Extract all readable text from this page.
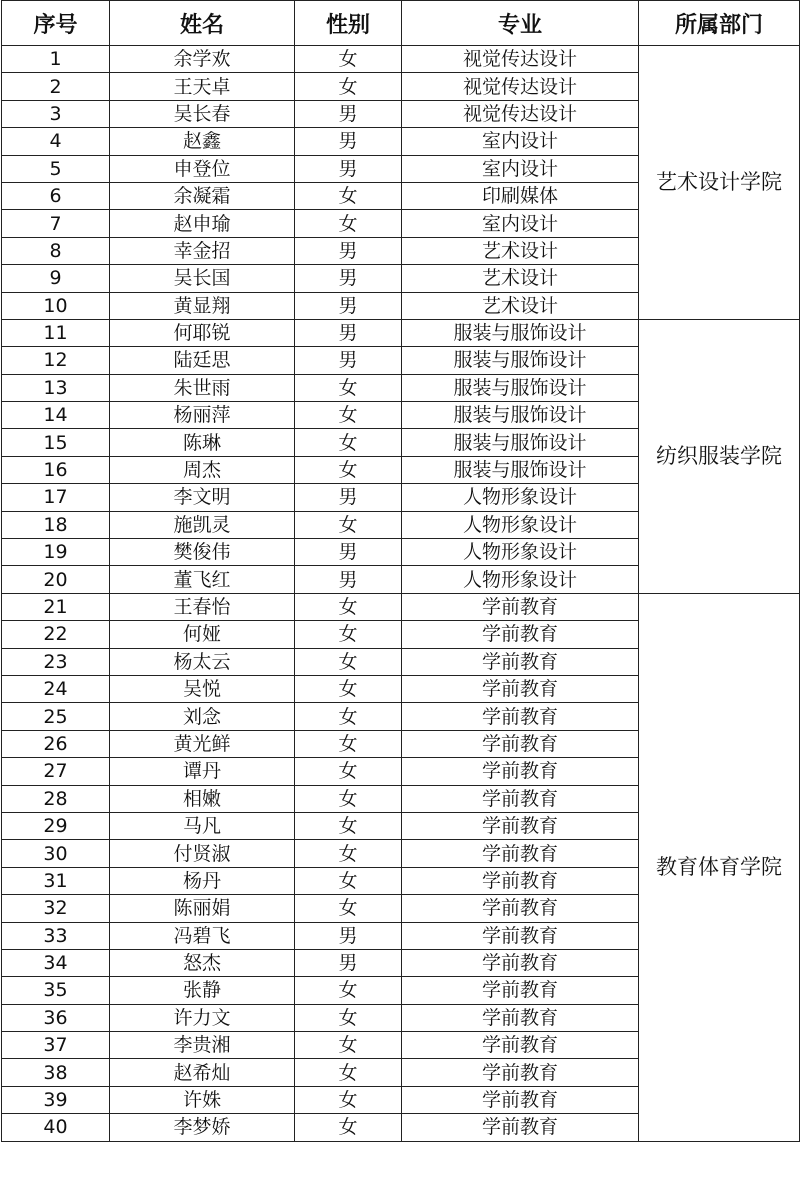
序号	姓名	性别	专业	所属部门
1	余学欢	女	视觉传达设计	艺术设计学院
2	王天卓	女	视觉传达设计	
3	吴长春	男	视觉传达设计	
4	赵鑫	男	室内设计	
5	申登位	男	室内设计	
6	余凝霜	女	印刷媒体	
7	赵申瑜	女	室内设计	
8	幸金招	男	艺术设计	
9	吴长国	男	艺术设计	
10	黄显翔	男	艺术设计	
11	何耶锐	男	服装与服饰设计	纺织服装学院
12	陆廷思	男	服装与服饰设计	
13	朱世雨	女	服装与服饰设计	
14	杨丽萍	女	服装与服饰设计	
15	陈琳	女	服装与服饰设计	
16	周杰	女	服装与服饰设计	
17	李文明	男	人物形象设计	
18	施凯灵	女	人物形象设计	
19	樊俊伟	男	人物形象设计	
20	董飞红	男	人物形象设计	
21	王春怡	女	学前教育	教育体育学院
22	何娅	女	学前教育	
23	杨太云	女	学前教育	
24	吴悦	女	学前教育	
25	刘念	女	学前教育	
26	黄光鲜	女	学前教育	
27	谭丹	女	学前教育	
28	相嫩	女	学前教育	
29	马凡	女	学前教育	
30	付贤淑	女	学前教育	
31	杨丹	女	学前教育	
32	陈丽娟	女	学前教育	
33	冯碧飞	男	学前教育	
34	怒杰	男	学前教育	
35	张静	女	学前教育	
36	许力文	女	学前教育	
37	李贵湘	女	学前教育	
38	赵希灿	女	学前教育	
39	许姝	女	学前教育	
40	李梦娇	女	学前教育	
